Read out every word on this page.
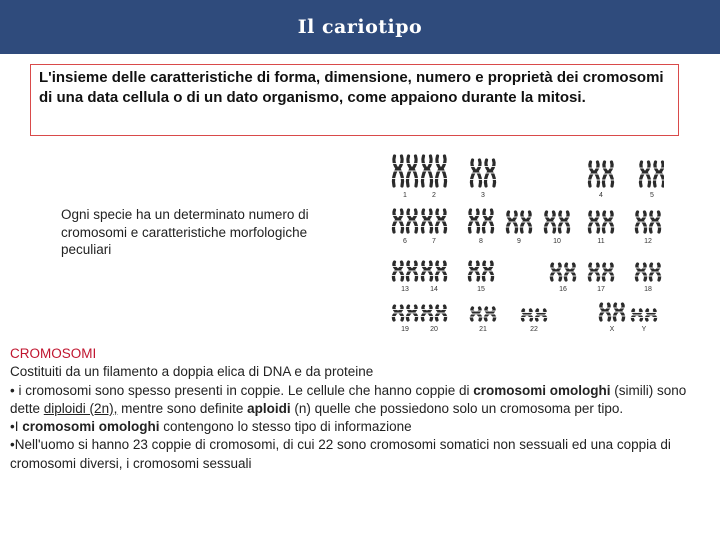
Il cariotipo
L'insieme delle caratteristiche di forma, dimensione, numero e proprietà dei cromosomi di una data cellula o di un dato organismo, come appaiono durante la mitosi.
Ogni specie ha un determinato numero di cromosomi e caratteristiche morfologiche peculiari
1	2	3	4	5
6	7	8	9	10	11	12
13	14	15	16	17	18
19	20	21	22	X	Y

CROMOSOMI

Costituiti da un filamento a doppia elica di DNA e da proteine

• i cromosomi sono spesso presenti in coppie. Le cellule che hanno coppie di cromosomi omologhi (simili) sono dette diploidi (2n), mentre sono definite aploidi (n) quelle che possiedono solo un cromosoma per tipo.

•I cromosomi omologhi contengono lo stesso tipo di informazione

•Nell'uomo si hanno 23 coppie di cromosomi, di cui 22 sono cromosomi somatici non sessuali ed una coppia di cromosomi diversi, i cromosomi sessuali
